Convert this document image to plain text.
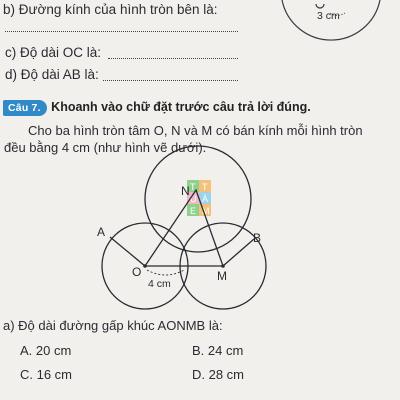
3 cm
b) Đường kính của hình tròn bên là:
c) Độ dài OC là:
d) Độ dài AB là:
Câu 7. Khoanh vào chữ đặt trước câu trả lời đúng.
Cho ba hình tròn tâm O, N và M có bán kính mỗi hình tròn
đều bằng 4 cm (như hình vẽ dưới).
T T
U À
E M
N
A	B
O	M
4 cm
a) Độ dài đường gấp khúc AONMB là:
A. 20 cm	B. 24 cm
C. 16 cm	D. 28 cm
